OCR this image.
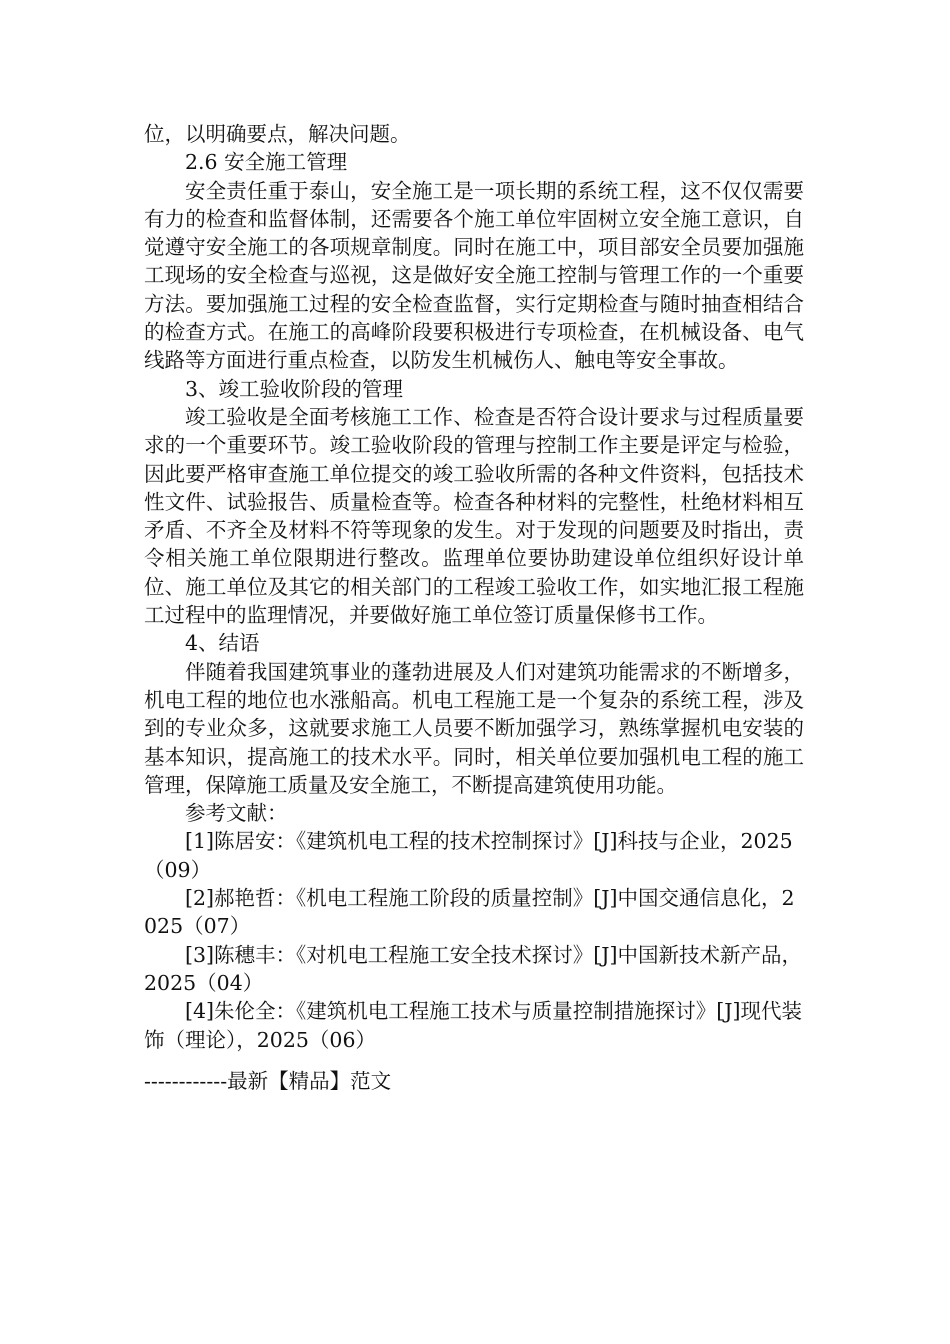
位，以明确要点，解决问题。

2.6 安全施工管理

安全责任重于泰山，安全施工是一项长期的系统工程，这不仅仅需要有力的检查和监督体制，还需要各个施工单位牢固树立安全施工意识，自觉遵守安全施工的各项规章制度。同时在施工中，项目部安全员要加强施工现场的安全检查与巡视，这是做好安全施工控制与管理工作的一个重要方法。要加强施工过程的安全检查监督，实行定期检查与随时抽查相结合的检查方式。在施工的高峰阶段要积极进行专项检查，在机械设备、电气线路等方面进行重点检查，以防发生机械伤人、触电等安全事故。

3、竣工验收阶段的管理

竣工验收是全面考核施工工作、检查是否符合设计要求与过程质量要求的一个重要环节。竣工验收阶段的管理与控制工作主要是评定与检验，因此要严格审查施工单位提交的竣工验收所需的各种文件资料，包括技术性文件、试验报告、质量检查等。检查各种材料的完整性，杜绝材料相互矛盾、不齐全及材料不符等现象的发生。对于发现的问题要及时指出，责令相关施工单位限期进行整改。监理单位要协助建设单位组织好设计单位、施工单位及其它的相关部门的工程竣工验收工作，如实地汇报工程施工过程中的监理情况，并要做好施工单位签订质量保修书工作。

4、结语

伴随着我国建筑事业的蓬勃进展及人们对建筑功能需求的不断增多，机电工程的地位也水涨船高。机电工程施工是一个复杂的系统工程，涉及到的专业众多，这就要求施工人员要不断加强学习，熟练掌握机电安装的基本知识，提高施工的技术水平。同时，相关单位要加强机电工程的施工管理，保障施工质量及安全施工，不断提高建筑使用功能。

参考文献：

[1]陈居安：《建筑机电工程的技术控制探讨》[J]科技与企业，2025（09）

[2]郝艳哲：《机电工程施工阶段的质量控制》[J]中国交通信息化，2025（07）

[3]陈穗丰：《对机电工程施工安全技术探讨》[J]中国新技术新产品，2025（04）

[4]朱伦全：《建筑机电工程施工技术与质量控制措施探讨》[J]现代装饰（理论），2025（06）

------------最新【精品】范文
